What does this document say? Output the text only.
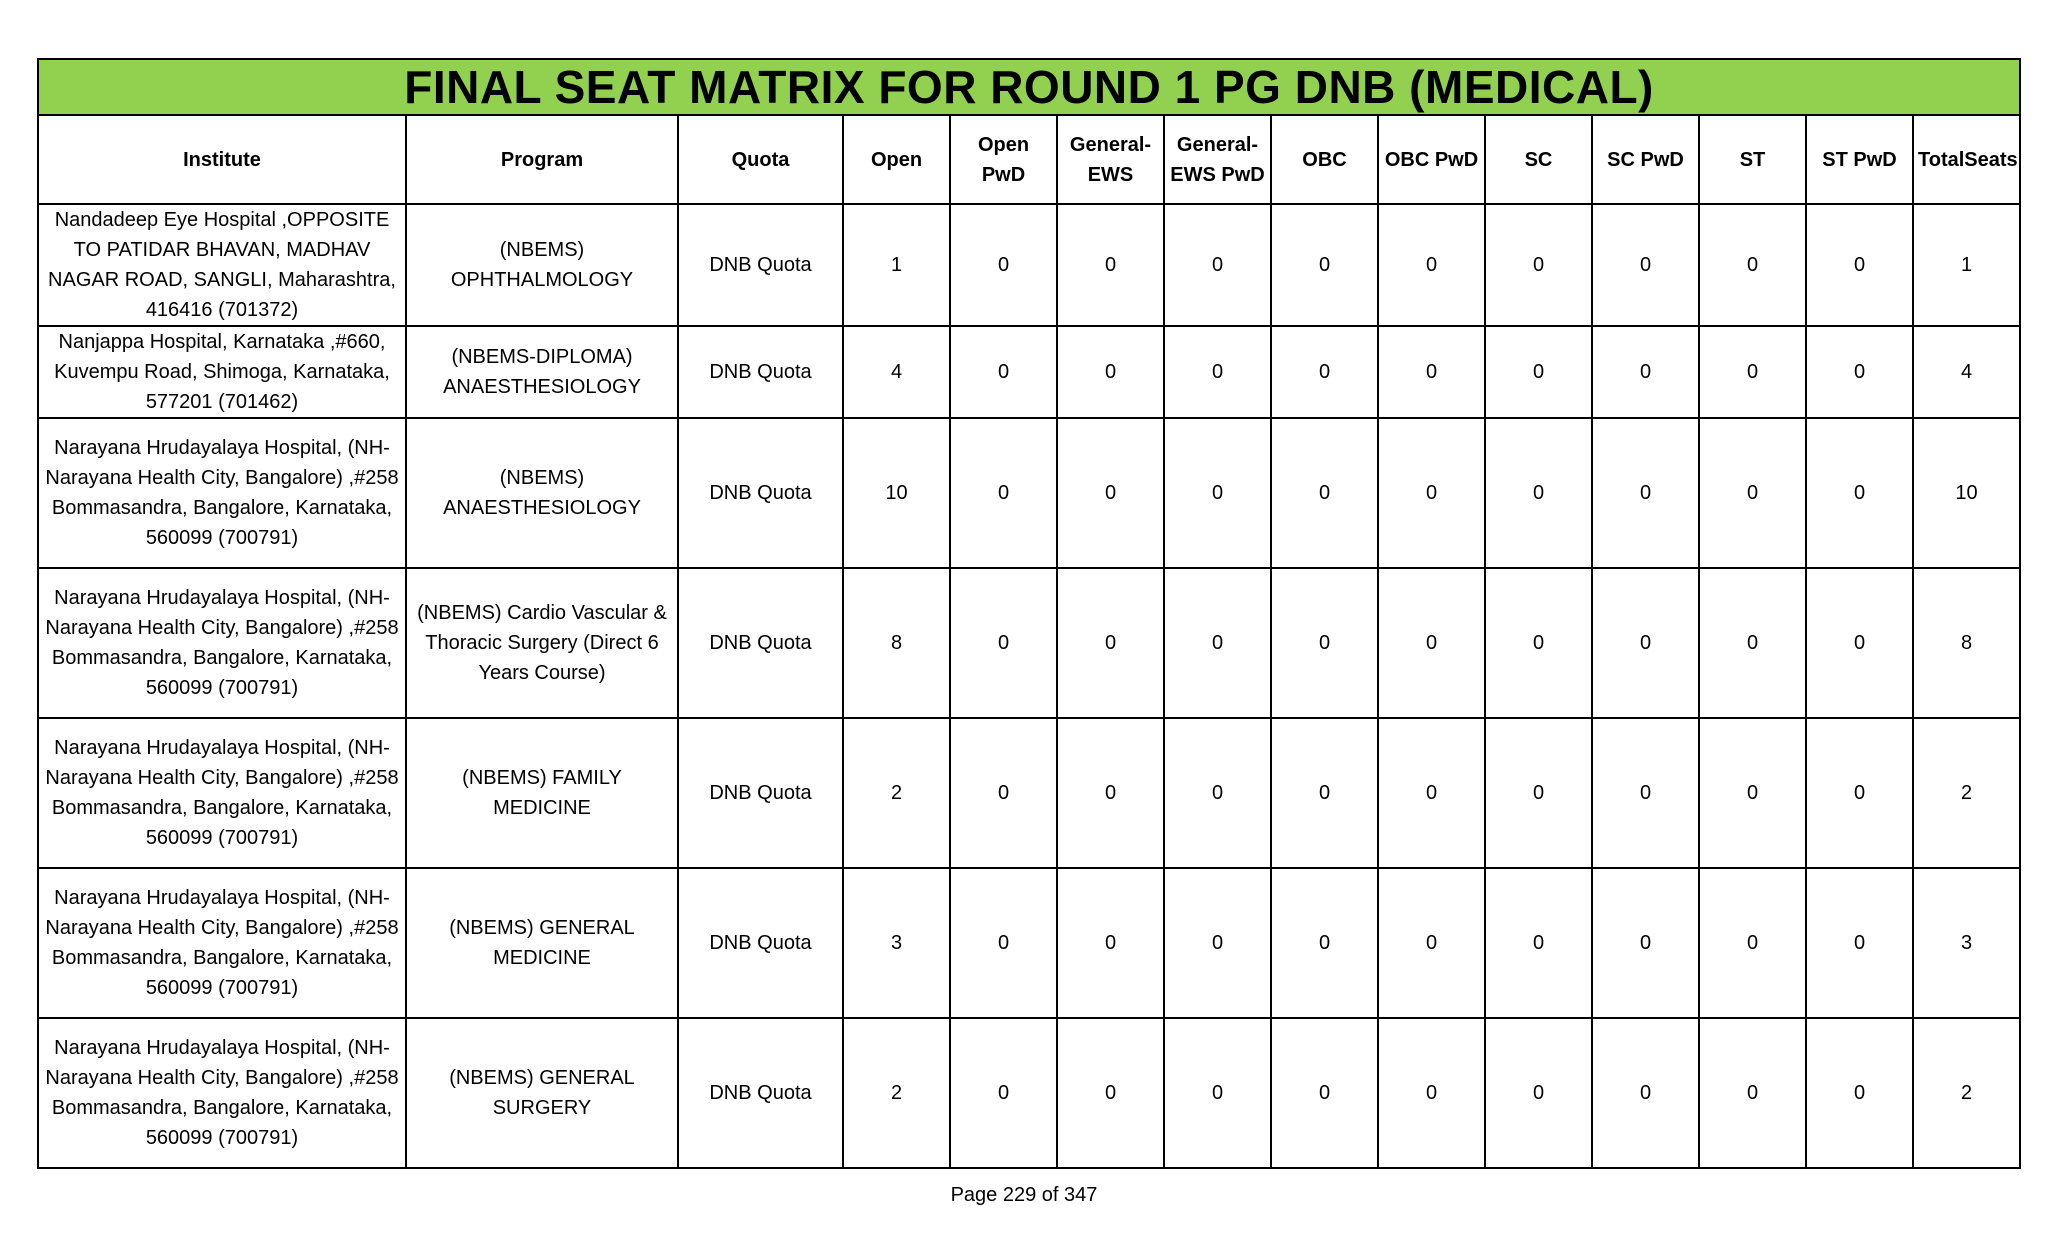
FINAL SEAT MATRIX FOR ROUND 1 PG DNB (MEDICAL)													
Institute	Program	Quota	Open	Open PwD	General-EWS	General-EWS PwD	OBC	OBC PwD	SC	SC PwD	ST	ST PwD	TotalSeats
Nandadeep Eye Hospital ,OPPOSITE TO PATIDAR BHAVAN, MADHAV NAGAR ROAD, SANGLI, Maharashtra, 416416 (701372)	(NBEMS) OPHTHALMOLOGY	DNB Quota	1	0	0	0	0	0	0	0	0	0	1
Nanjappa Hospital, Karnataka ,#660, Kuvempu Road, Shimoga, Karnataka, 577201 (701462)	(NBEMS-DIPLOMA) ANAESTHESIOLOGY	DNB Quota	4	0	0	0	0	0	0	0	0	0	4
Narayana Hrudayalaya Hospital, (NH-Narayana Health City, Bangalore) ,#258 Bommasandra, Bangalore, Karnataka, 560099 (700791)	(NBEMS) ANAESTHESIOLOGY	DNB Quota	10	0	0	0	0	0	0	0	0	0	10
Narayana Hrudayalaya Hospital, (NH-Narayana Health City, Bangalore) ,#258 Bommasandra, Bangalore, Karnataka, 560099 (700791)	(NBEMS) Cardio Vascular & Thoracic Surgery (Direct 6 Years Course)	DNB Quota	8	0	0	0	0	0	0	0	0	0	8
Narayana Hrudayalaya Hospital, (NH-Narayana Health City, Bangalore) ,#258 Bommasandra, Bangalore, Karnataka, 560099 (700791)	(NBEMS) FAMILY MEDICINE	DNB Quota	2	0	0	0	0	0	0	0	0	0	2
Narayana Hrudayalaya Hospital, (NH-Narayana Health City, Bangalore) ,#258 Bommasandra, Bangalore, Karnataka, 560099 (700791)	(NBEMS) GENERAL MEDICINE	DNB Quota	3	0	0	0	0	0	0	0	0	0	3
Narayana Hrudayalaya Hospital, (NH-Narayana Health City, Bangalore) ,#258 Bommasandra, Bangalore, Karnataka, 560099 (700791)	(NBEMS) GENERAL SURGERY	DNB Quota	2	0	0	0	0	0	0	0	0	0	2
Page 229 of 347
